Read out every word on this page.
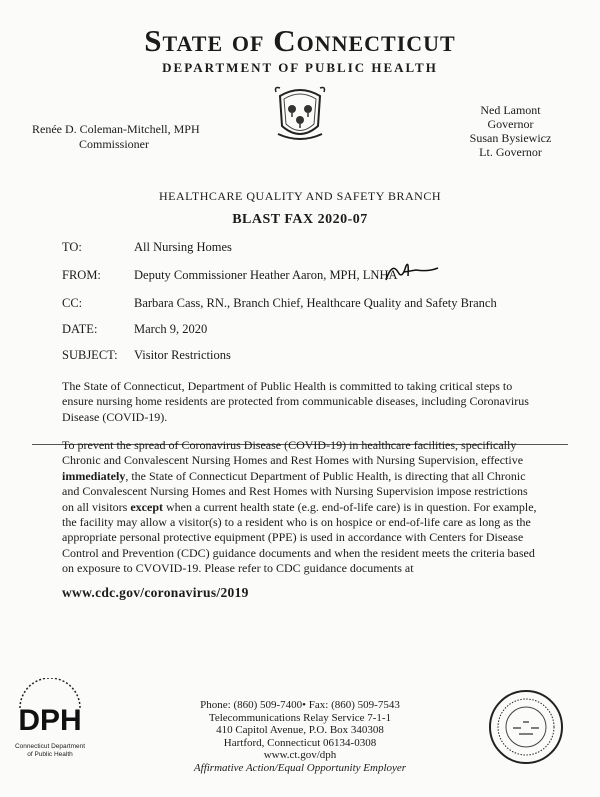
State of Connecticut
DEPARTMENT OF PUBLIC HEALTH
Renée D. Coleman-Mitchell, MPH
Commissioner
Ned Lamont
Governor
Susan Bysiewicz
Lt. Governor
HEALTHCARE QUALITY AND SAFETY BRANCH
BLAST FAX 2020-07
TO:	All Nursing Homes
FROM:	Deputy Commissioner Heather Aaron, MPH, LNHA
CC:	Barbara Cass, RN., Branch Chief, Healthcare Quality and Safety Branch
DATE:	March 9, 2020
SUBJECT: Visitor Restrictions
The State of Connecticut, Department of Public Health is committed to taking critical steps to ensure nursing home residents are protected from communicable diseases, including Coronavirus Disease (COVID-19).
To prevent the spread of Coronavirus Disease (COVID-19) in healthcare facilities, specifically Chronic and Convalescent Nursing Homes and Rest Homes with Nursing Supervision, effective immediately, the State of Connecticut Department of Public Health, is directing that all Chronic and Convalescent Nursing Homes and Rest Homes with Nursing Supervision impose restrictions on all visitors except when a current health state (e.g. end-of-life care) is in question. For example, the facility may allow a visitor(s) to a resident who is on hospice or end-of-life care as long as the appropriate personal protective equipment (PPE) is used in accordance with Centers for Disease Control and Prevention (CDC) guidance documents and when the resident meets the criteria based on exposure to CVOVID-19. Please refer to CDC guidance documents at
www.cdc.gov/coronavirus/2019
DPH
Connecticut Department
of Public Health
Phone: (860) 509-7400• Fax: (860) 509-7543
Telecommunications Relay Service 7-1-1
410 Capitol Avenue, P.O. Box 340308
Hartford, Connecticut 06134-0308
www.ct.gov/dph
Affirmative Action/Equal Opportunity Employer
